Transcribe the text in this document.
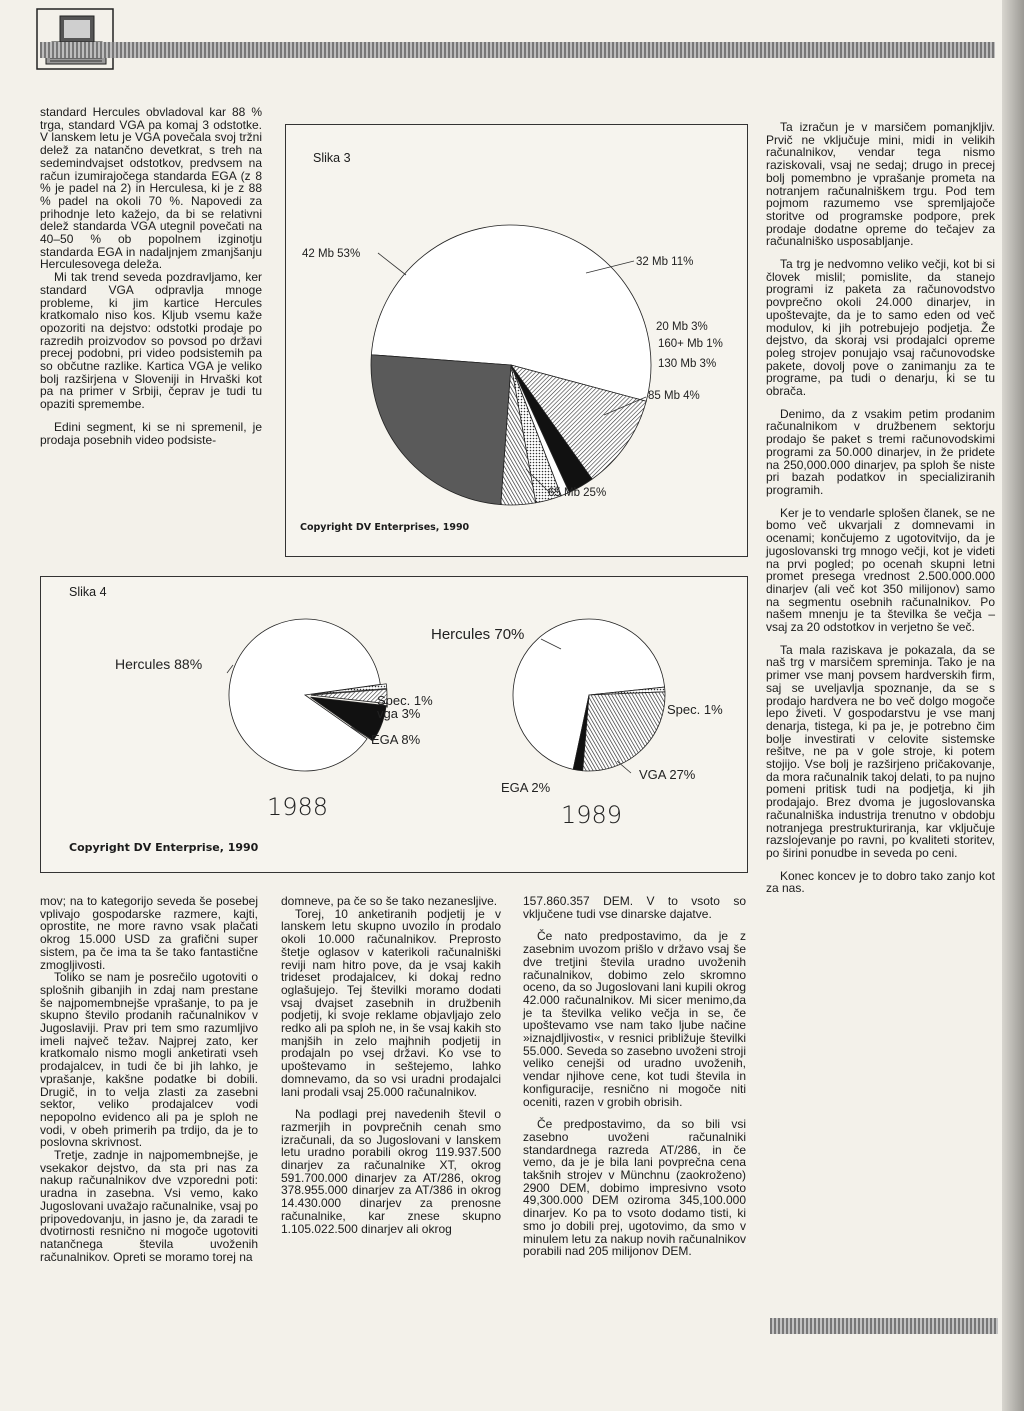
standard Hercules obvladoval kar 88 % trga, standard VGA pa komaj 3 odstotke. V lanskem letu je VGA povečala svoj tržni delež za natančno devetkrat, s treh na sedemindvajset odstotkov, predvsem na račun izumirajočega standarda EGA (z 8 % je padel na 2) in Herculesa, ki je z 88 % padel na okoli 70 %. Napovedi za prihodnje leto kažejo, da bi se relativni delež standarda VGA utegnil povečati na 40–50 % ob popolnem izginotju standarda EGA in nadaljnjem zmanjšanju Herculesovega deleža.

Mi tak trend seveda pozdravljamo, ker standard VGA odpravlja mnoge probleme, ki jim kartice Hercules kratkomalo niso kos. Kljub vsemu kaže opozoriti na dejstvo: odstotki prodaje po razredih proizvodov so povsod po državi precej podobni, pri video podsistemih pa so občutne razlike. Kartica VGA je veliko bolj razširjena v Sloveniji in Hrvaški kot pa na primer v Srbiji, čeprav je tudi tu opaziti spremembe.

Edini segment, ki se ni spremenil, je prodaja posebnih video podsiste-

Slika 3
42 Mb 53%
32 Mb 11%
20 Mb 3%
160+ Mb 1%
130 Mb 3%
85 Mb 4%
65 Mb 25%
Copyright DV Enterprises, 1990

Ta izračun je v marsičem pomanjkljiv. Prvič ne vključuje mini, midi in velikih računalnikov, vendar tega nismo raziskovali, vsaj ne sedaj; drugo in precej bolj pomembno je vprašanje prometa na notranjem računalniškem trgu. Pod tem pojmom razumemo vse spremljajoče storitve od programske podpore, prek prodaje dodatne opreme do tečajev za računalniško usposabljanje.

Ta trg je nedvomno veliko večji, kot bi si človek mislil; pomislite, da stanejo programi iz paketa za računovodstvo povprečno okoli 24.000 dinarjev, in upoštevajte, da je to samo eden od več modulov, ki jih potrebujejo podjetja. Že dejstvo, da skoraj vsi prodajalci opreme poleg strojev ponujajo vsaj računovodske pakete, dovolj pove o zanimanju za te programe, pa tudi o denarju, ki se tu obrača.

Denimo, da z vsakim petim prodanim računalnikom v družbenem sektorju prodajo še paket s tremi računovodskimi programi za 50.000 dinarjev, in že pridete na 250,000.000 dinarjev, pa sploh še niste pri bazah podatkov in specializiranih programih.

Ker je to vendarle splošen članek, se ne bomo več ukvarjali z domnevami in ocenami; končujemo z ugotovitvijo, da je jugoslovanski trg mnogo večji, kot je videti na prvi pogled; po ocenah skupni letni promet presega vrednost 2.500.000.000 dinarjev (ali več kot 350 milijonov) samo na segmentu osebnih računalnikov. Po našem mnenju je ta številka še večja – vsaj za 20 odstotkov in verjetno še več.

Ta mala raziskava je pokazala, da se naš trg v marsičem spreminja. Tako je na primer vse manj povsem hardverskih firm, saj se uveljavlja spoznanje, da se s prodajo hardvera ne bo več dolgo mogoče lepo živeti. V gospodarstvu je vse manj denarja, tistega, ki pa je, je potrebno čim bolje investirati v celovite sistemske rešitve, ne pa v gole stroje, ki potem stojijo. Vse bolj je razširjeno pričakovanje, da mora računalnik takoj delati, to pa nujno pomeni pritisk tudi na podjetja, ki jih prodajajo. Brez dvoma je jugoslovanska računalniška industrija trenutno v obdobju notranjega prestrukturiranja, kar vključuje razslojevanje po ravni, po kvaliteti storitev, po širini ponudbe in seveda po ceni.

Konec koncev je to dobro tako zanjo kot za nas.

Slika 4
Hercules 88%
Spec. 1%
vga 3%
EGA 8%
1988
Hercules 70%
Spec. 1%
VGA 27%
EGA 2%
1989
Copyright DV Enterprise, 1990

mov; na to kategorijo seveda še posebej vplivajo gospodarske razmere, kajti, oprostite, ne more ravno vsak plačati okrog 15.000 USD za grafični super sistem, pa če ima ta še tako fantastične zmogljivosti.

Toliko se nam je posrečilo ugotoviti o splošnih gibanjih in zdaj nam prestane še najpomembnejše vprašanje, to pa je skupno število prodanih računalnikov v Jugoslaviji. Prav pri tem smo razumljivo imeli največ težav. Najprej zato, ker kratkomalo nismo mogli anketirati vseh prodajalcev, in tudi če bi jih lahko, je vprašanje, kakšne podatke bi dobili. Drugič, in to velja zlasti za zasebni sektor, veliko prodajalcev vodi nepopolno evidenco ali pa je sploh ne vodi, v obeh primerih pa trdijo, da je to poslovna skrivnost.

Tretje, zadnje in najpomembnejše, je vsekakor dejstvo, da sta pri nas za nakup računalnikov dve vzporedni poti: uradna in zasebna. Vsi vemo, kako Jugoslovani uvažajo računalnike, vsaj po pripovedovanju, in jasno je, da zaradi te dvotirnosti resnično ni mogoče ugotoviti natančnega števila uvoženih računalnikov. Opreti se moramo torej na

domneve, pa če so še tako nezanesljive.

Torej, 10 anketiranih podjetij je v lanskem letu skupno uvozilo in prodalo okoli 10.000 računalnikov. Preprosto štetje oglasov v katerikoli računalniški reviji nam hitro pove, da je vsaj kakih trideset prodajalcev, ki dokaj redno oglašujejo. Tej številki moramo dodati vsaj dvajset zasebnih in družbenih podjetij, ki svoje reklame objavljajo zelo redko ali pa sploh ne, in še vsaj kakih sto manjših in zelo majhnih podjetij in prodajaln po vsej državi. Ko vse to upoštevamo in seštejemo, lahko domnevamo, da so vsi uradni prodajalci lani prodali vsaj 25.000 računalnikov.

Na podlagi prej navedenih števil o razmerjih in povprečnih cenah smo izračunali, da so Jugoslovani v lanskem letu uradno porabili okrog 119.937.500 dinarjev za računalnike XT, okrog 591.700.000 dinarjev za AT/286, okrog 378.955.000 dinarjev za AT/386 in okrog 14.430.000 dinarjev za prenosne računalnike, kar znese skupno 1.105.022.500 dinarjev ali okrog

157.860.357 DEM. V to vsoto so vključene tudi vse dinarske dajatve.

Če nato predpostavimo, da je z zasebnim uvozom prišlo v državo vsaj še dve tretjini števila uradno uvoženih računalnikov, dobimo zelo skromno oceno, da so Jugoslovani lani kupili okrog 42.000 računalnikov. Mi sicer menimo,da je ta številka veliko večja in se, če upoštevamo vse nam tako ljube načine »iznajdljivosti«, v resnici približuje številki 55.000. Seveda so zasebno uvoženi stroji veliko cenejši od uradno uvoženih, vendar njihove cene, kot tudi števila in konfiguracije, resnično ni mogoče niti oceniti, razen v grobih obrisih.

Če predpostavimo, da so bili vsi zasebno uvoženi računalniki standardnega razreda AT/286, in če vemo, da je je bila lani povprečna cena takšnih strojev v Münchnu (zaokroženo) 2900 DEM, dobimo impresivno vsoto 49,300.000 DEM oziroma 345,100.000 dinarjev. Ko pa to vsoto dodamo tisti, ki smo jo dobili prej, ugotovimo, da smo v minulem letu za nakup novih računalnikov porabili nad 205 milijonov DEM.
